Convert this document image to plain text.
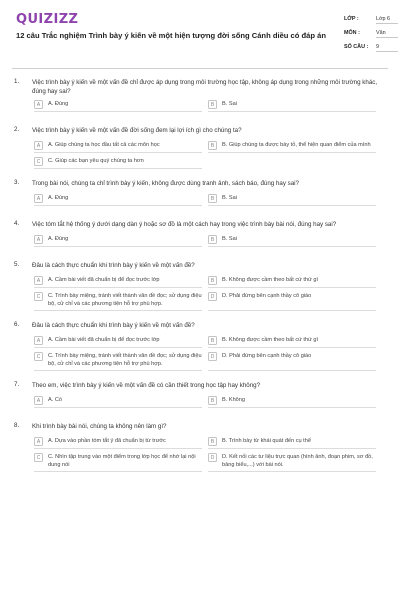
QUIZIZZ
12 câu Trắc nghiệm Trình bày ý kiến về một hiện tượng đời sống Cánh diều có đáp án
LỚP :	Lớp 6
MÔN :	Văn
SỐ CÂU : 9
1. Việc trình bày ý kiến về một vấn đề chỉ được áp dụng trong môi trường học tập, không áp dụng trong những môi trường khác, đúng hay sai?
A	A. Đúng	B	B. Sai
2. Việc trình bày ý kiến về một vấn đề đời sống đem lại lợi ích gì cho chúng ta?
A	A. Giúp chúng ta học đầu tất cả các môn học	B	B. Giúp chúng ta được bày tỏ, thể hiện quan điểm của mình
C	C. Giúp các bạn yêu quý chúng ta hơn
3. Trong bài nói, chúng ta chỉ trình bày ý kiến, không được dùng tranh ảnh, sách báo, đúng hay sai?
A	A. Đúng	B	B. Sai
4. Việc tóm tắt hệ thống ý dưới dạng dàn ý hoặc sơ đồ là một cách hay trong việc trình bày bài nói, đúng hay sai?
A	A. Đúng	B	B. Sai
5. Đâu là cách thực chuẩn khi trình bày ý kiến về một vấn đề?
A	A. Cầm bài viết đã chuẩn bị để đọc trước lớp	B	B. Không được cầm theo bất cứ thứ gì
C	C. Trình bày miệng, tránh viết thành văn đề đọc; sử dụng điệu bộ, cử chỉ và các phương tiện hỗ trợ phù hợp.
D	D. Phải đứng bên cạnh thầy cô giáo
6. Đâu là cách thực chuẩn khi trình bày ý kiến về một vấn đề?
A	A. Cầm bài viết đã chuẩn bị để đọc trước lớp	B	B. Không được cầm theo bất cứ thứ gì
C	C. Trình bày miệng, tránh viết thành văn đề đọc; sử dụng điệu bộ, cử chỉ và các phương tiện hỗ trợ phù hợp.
D	D. Phải đứng bên cạnh thầy cô giáo
7. Theo em, việc trình bày ý kiến về một vấn đề có cần thiết trong học tập hay không?
A	A. Có	B	B. Không
8. Khi trình bày bài nói, chúng ta không nên làm gì?
A	A. Dựa vào phần tóm tắt ý đã chuẩn bị từ trước	B	B. Trình bày từ khái quát đến cụ thể
C	C. Nhìn tập trung vào một điểm trong lớp học để nhớ lại nội dung nói
D	D. Kết nối các tư liệu trực quan (hình ảnh, đoạn phim, sơ đồ, bảng biểu,...) với bài nói.
